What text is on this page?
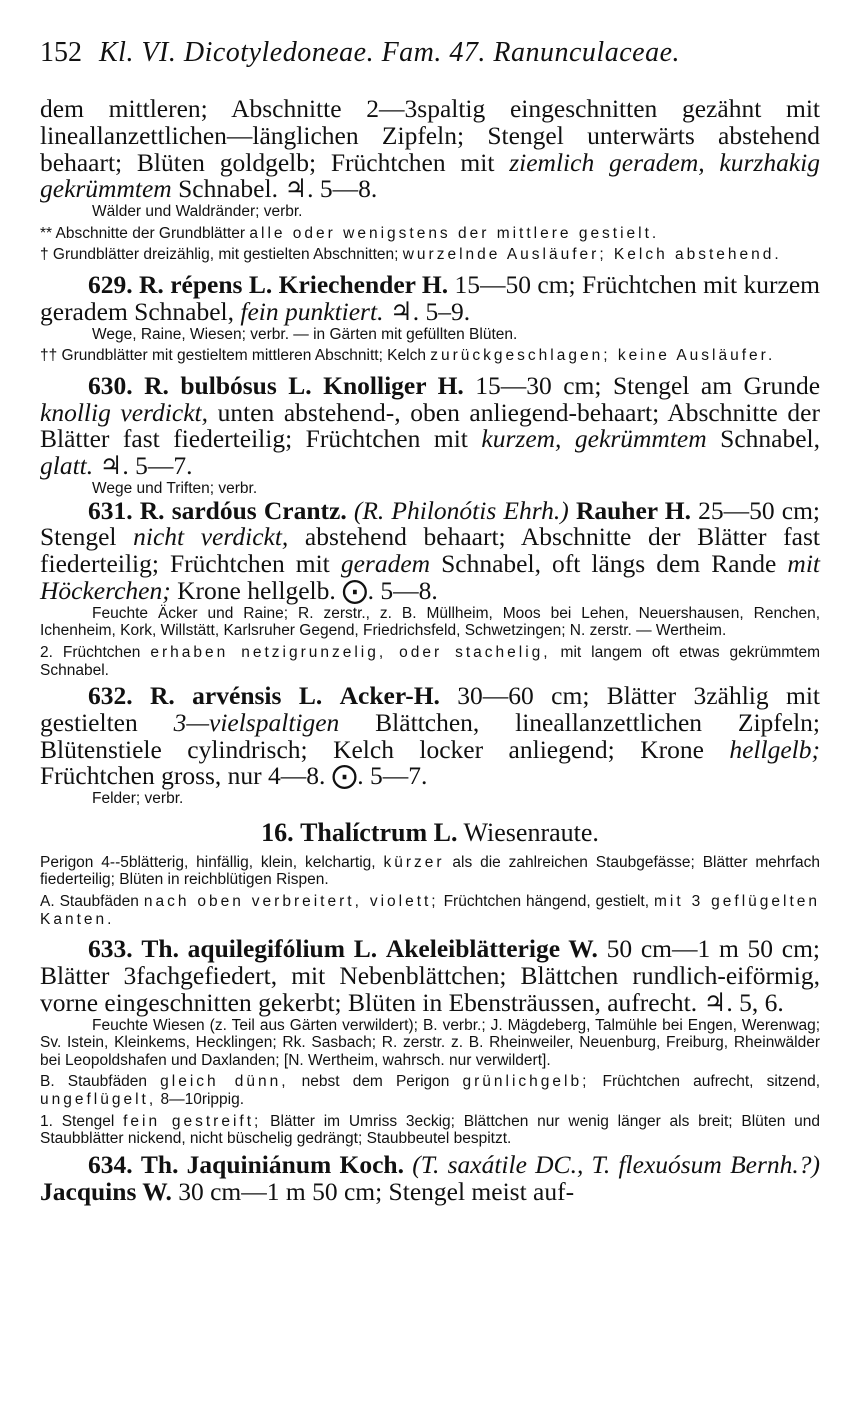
152 Kl. VI. Dicotyledoneae. Fam. 47. Ranunculaceae.

dem mittleren; Abschnitte 2—3spaltig eingeschnitten gezähnt mit lineallanzettlichen—länglichen Zipfeln; Stengel unterwärts abstehend behaart; Blüten goldgelb; Früchtchen mit ziemlich geradem, kurzhakig gekrümmtem Schnabel. ♃. 5—8.

Wälder und Waldränder; verbr.

** Abschnitte der Grundblätter alle oder wenigstens der mittlere gestielt.

† Grundblätter dreizählig, mit gestielten Abschnitten; wurzelnde Ausläufer; Kelch abstehend.

629. R. répens L. Kriechender H. 15—50 cm; Früchtchen mit kurzem geradem Schnabel, fein punktiert. ♃. 5–9.

Wege, Raine, Wiesen; verbr. — in Gärten mit gefüllten Blüten.

†† Grundblätter mit gestieltem mittleren Abschnitt; Kelch zurückgeschlagen; keine Ausläufer.

630. R. bulbósus L. Knolliger H. 15—30 cm; Stengel am Grunde knollig verdickt, unten abstehend-, oben anliegend-behaart; Abschnitte der Blätter fast fiederteilig; Früchtchen mit kurzem, gekrümmtem Schnabel, glatt. ♃. 5—7.

Wege und Triften; verbr.

631. R. sardóus Crantz. (R. Philonótis Ehrh.) Rauher H. 25—50 cm; Stengel nicht verdickt, abstehend behaart; Abschnitte der Blätter fast fiederteilig; Früchtchen mit geradem Schnabel, oft längs dem Rande mit Höckerchen; Krone hellgelb. ⨀. 5—8.

Feuchte Äcker und Raine; R. zerstr., z. B. Müllheim, Moos bei Lehen, Neuershausen, Renchen, Ichenheim, Kork, Willstätt, Karlsruher Gegend, Friedrichsfeld, Schwetzingen; N. zerstr. — Wertheim.

2. Früchtchen erhaben netzigrunzelig, oder stachelig, mit langem oft etwas gekrümmtem Schnabel.

632. R. arvénsis L. Acker-H. 30—60 cm; Blätter 3zählig mit gestielten 3—vielspaltigen Blättchen, lineallanzettlichen Zipfeln; Blütenstiele cylindrisch; Kelch locker anliegend; Krone hellgelb; Früchtchen gross, nur 4—8. ⨀. 5—7.

Felder; verbr.

16. Thalíctrum L. Wiesenraute.

Perigon 4--5blätterig, hinfällig, klein, kelchartig, kürzer als die zahlreichen Staubgefässe; Blätter mehrfach fiederteilig; Blüten in reichblütigen Rispen.

A. Staubfäden nach oben verbreitert, violett; Früchtchen hängend, gestielt, mit 3 geflügelten Kanten.

633. Th. aquilegifólium L. Akeleiblätterige W. 50 cm—1 m 50 cm; Blätter 3fachgefiedert, mit Nebenblättchen; Blättchen rundlich-eiförmig, vorne eingeschnitten gekerbt; Blüten in Ebensträussen, aufrecht. ♃. 5, 6.

Feuchte Wiesen (z. Teil aus Gärten verwildert); B. verbr.; J. Mägdeberg, Talmühle bei Engen, Werenwag; Sv. Istein, Kleinkems, Hecklingen; Rk. Sasbach; R. zerstr. z. B. Rheinweiler, Neuenburg, Freiburg, Rheinwälder bei Leopoldshafen und Daxlanden; [N. Wertheim, wahrsch. nur verwildert].

B. Staubfäden gleich dünn, nebst dem Perigon grünlichgelb; Früchtchen aufrecht, sitzend, ungeflügelt, 8—10rippig.

1. Stengel fein gestreift; Blätter im Umriss 3eckig; Blättchen nur wenig länger als breit; Blüten und Staubblätter nickend, nicht büschelig gedrängt; Staubbeutel bespitzt.

634. Th. Jaquiniánum Koch. (T. saxátile DC., T. flexuósum Bernh.?) Jacquins W. 30 cm—1 m 50 cm; Stengel meist auf-
